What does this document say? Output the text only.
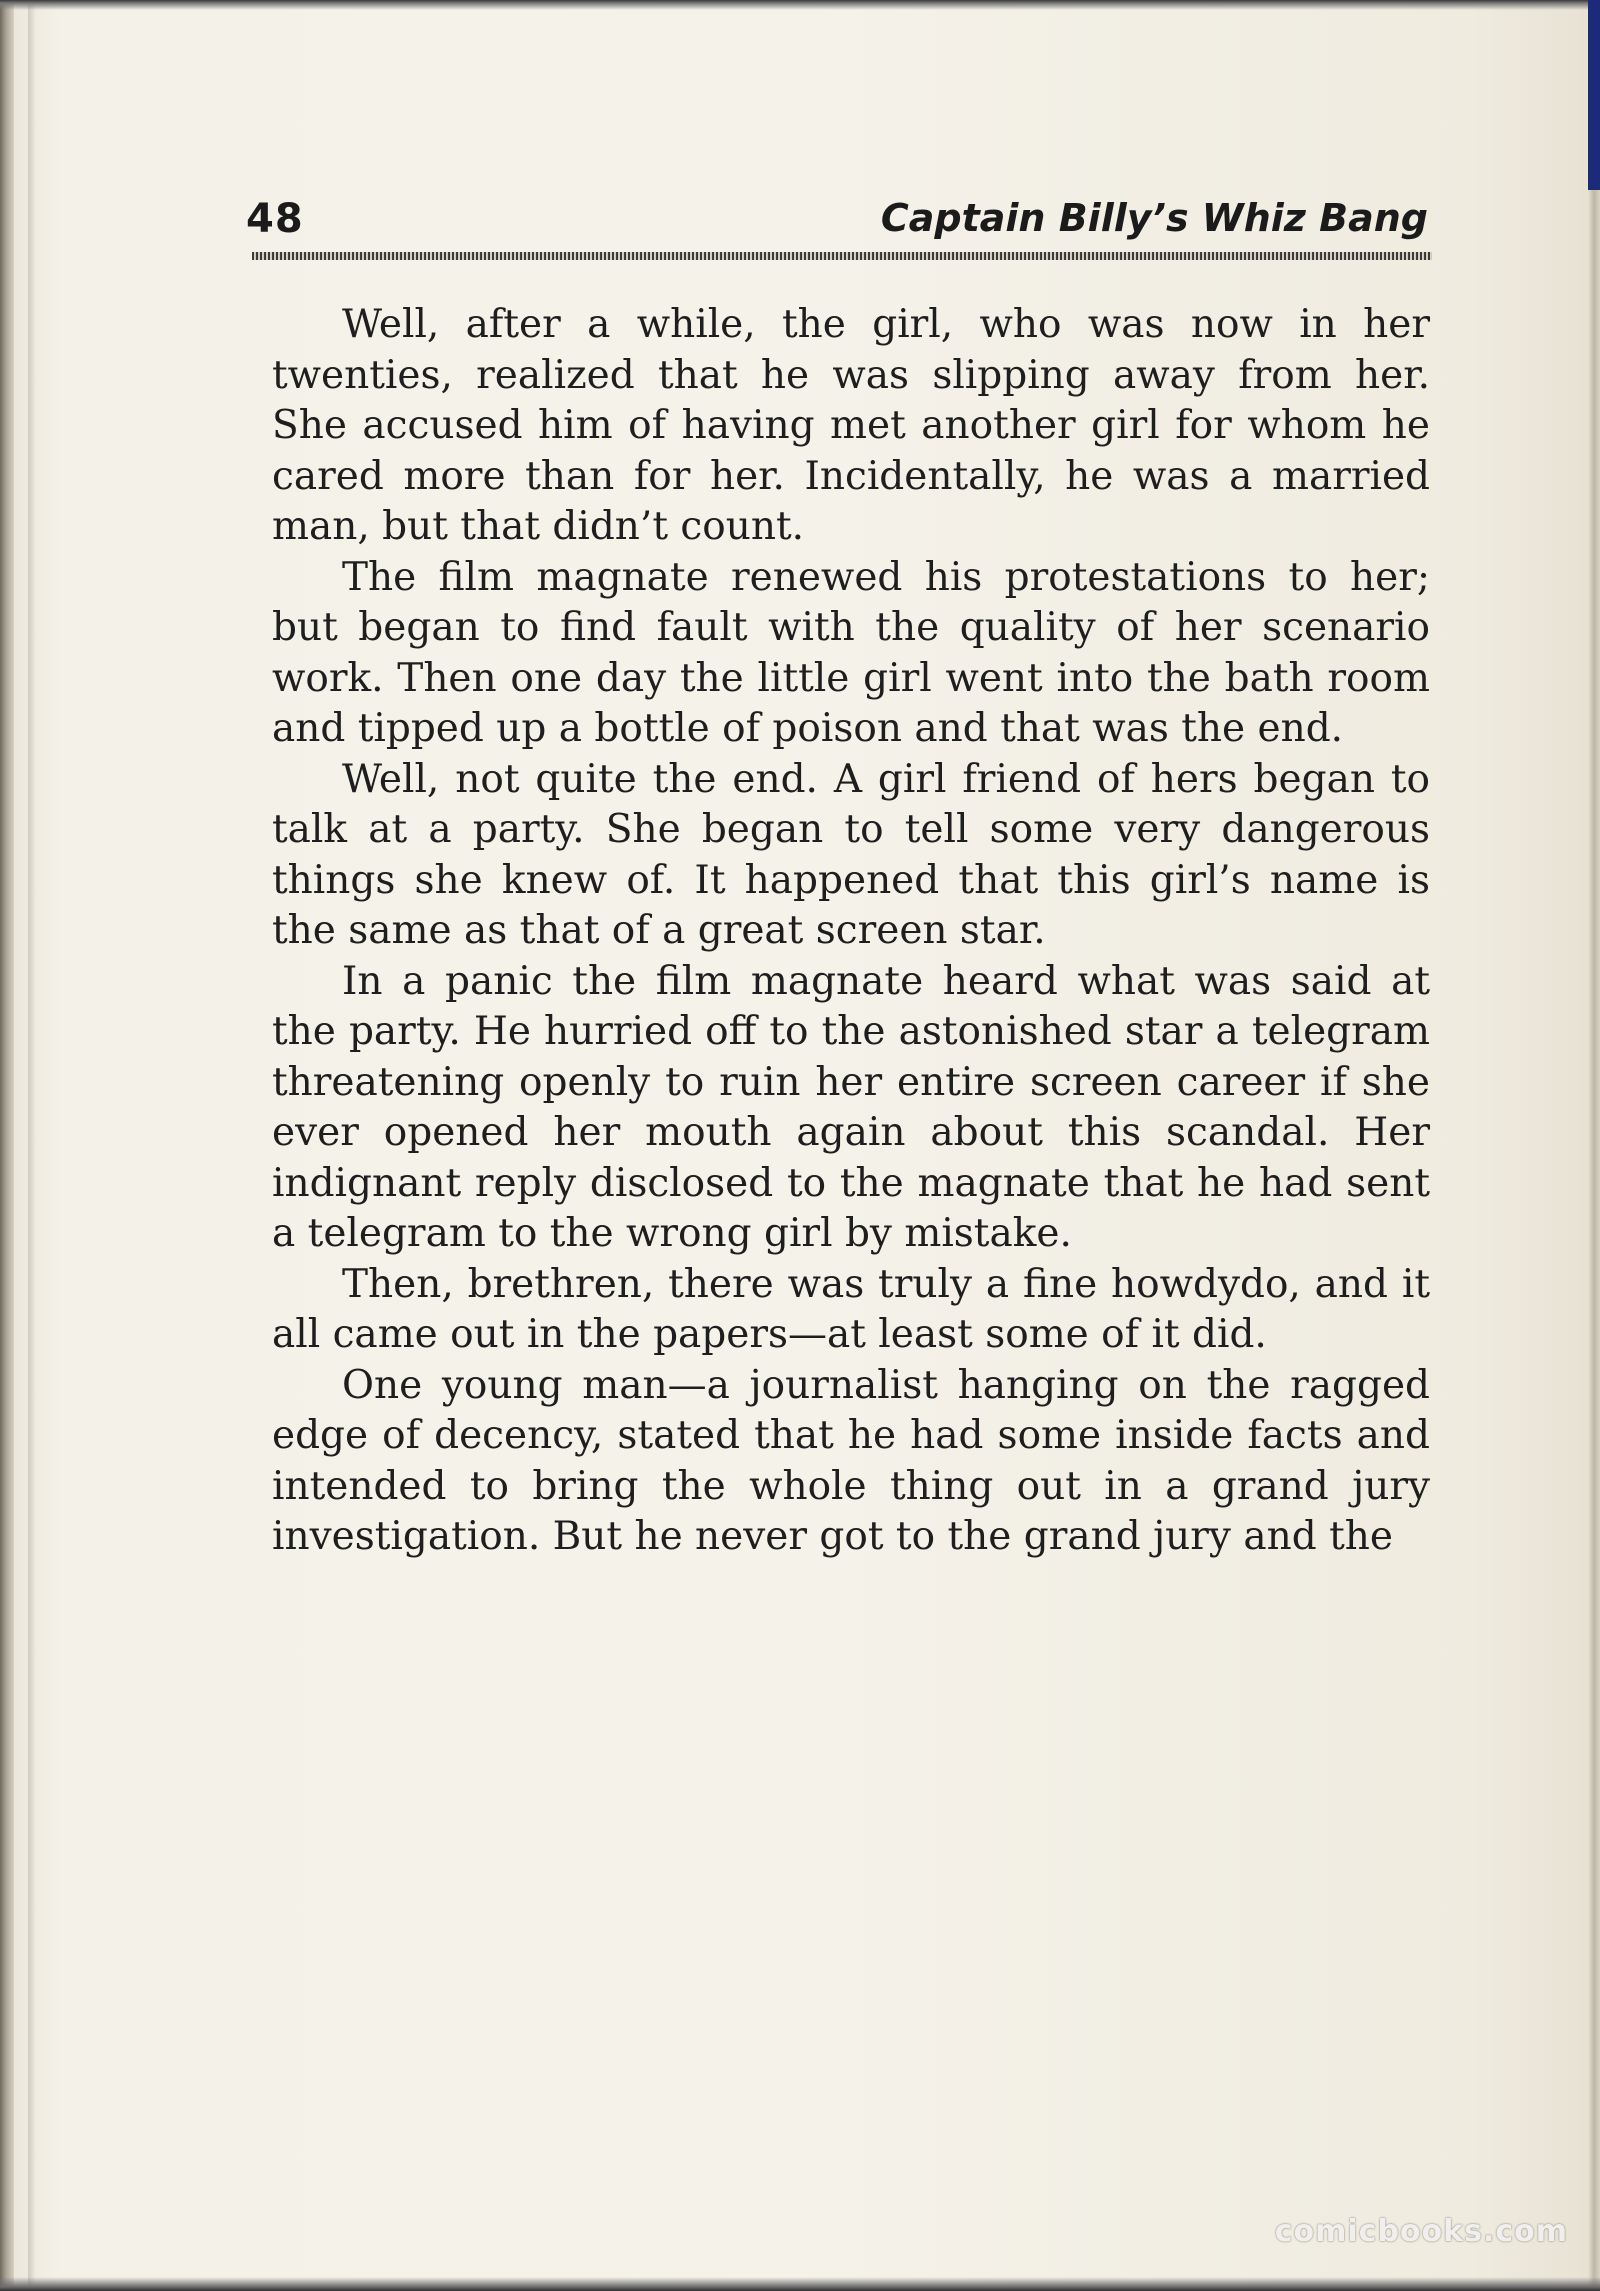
48	Captain Billy’s Whiz Bang

Well, after a while, the girl, who was now in her twenties, realized that he was slipping away from her. She accused him of having met another girl for whom he cared more than for her. Incidentally, he was a married man, but that didn’t count.

The film magnate renewed his protestations to her; but began to find fault with the quality of her scenario work. Then one day the little girl went into the bath room and tipped up a bottle of poison and that was the end.

Well, not quite the end. A girl friend of hers began to talk at a party. She began to tell some very dangerous things she knew of. It happened that this girl’s name is the same as that of a great screen star.

In a panic the film magnate heard what was said at the party. He hurried off to the astonished star a telegram threatening openly to ruin her entire screen career if she ever opened her mouth again about this scandal. Her indignant reply disclosed to the magnate that he had sent a telegram to the wrong girl by mistake.

Then, brethren, there was truly a fine howdydo, and it all came out in the papers—at least some of it did.

One young man—a journalist hanging on the ragged edge of decency, stated that he had some inside facts and intended to bring the whole thing out in a grand jury investigation. But he never got to the grand jury and the

comicbooks.com
